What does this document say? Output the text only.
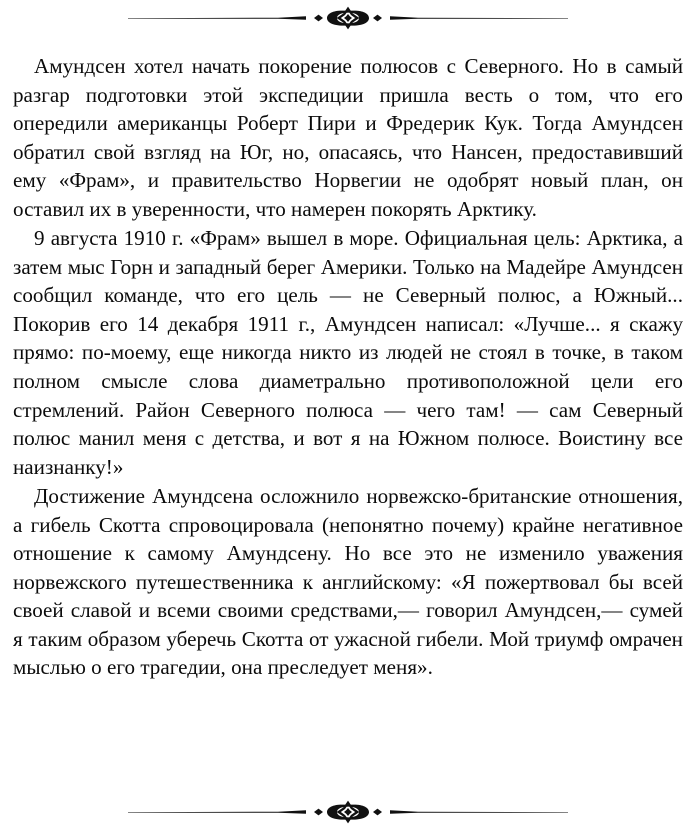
Амундсен хотел начать покорение полюсов с Северного. Но в самый разгар подготовки этой экспедиции пришла весть о том, что его опередили американцы Роберт Пири и Фредерик Кук. Тогда Амундсен обратил свой взгляд на Юг, но, опасаясь, что Нансен, предоставивший ему «Фрам», и правительство Норвегии не одобрят новый план, он оставил их в уверенности, что намерен покорять Арктику.

9 августа 1910 г. «Фрам» вышел в море. Официальная цель: Арктика, а затем мыс Горн и западный берег Америки. Только на Мадейре Амундсен сообщил команде, что его цель — не Северный полюс, а Южный... Покорив его 14 декабря 1911 г., Амундсен написал: «Лучше... я скажу прямо: по-моему, еще никогда никто из людей не стоял в точке, в таком полном смысле слова диаметрально противоположной цели его стремлений. Район Северного полюса — чего там! — сам Северный полюс манил меня с детства, и вот я на Южном полюсе. Воистину все наизнанку!»

Достижение Амундсена осложнило норвежско-британские отношения, а гибель Скотта спровоцировала (непонятно почему) крайне негативное отношение к самому Амундсену. Но все это не изменило уважения норвежского путешественника к английскому: «Я пожертвовал бы всей своей славой и всеми своими средствами,— говорил Амундсен,— сумей я таким образом уберечь Скотта от ужасной гибели. Мой триумф омрачен мыслью о его трагедии, она преследует меня».
